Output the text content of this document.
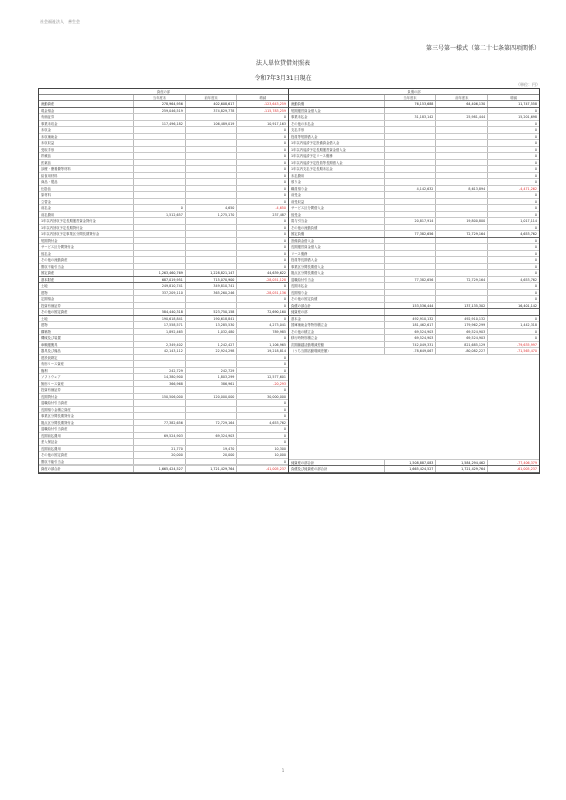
社会福祉法人　善生会
第三号第一様式（第二十七条第四項関係）
法人単位貸借対照表
令和7年3月31日現在
（単位：円）
資産の部
当年度末	前年度末	増減
流動資産	278,964,956	402,608,617	-123,643,259
現金預金	259,046,519	374,829,778	-115,783,259
有価証券	0
事業未収金	117,496,182	106,489,019	10,917,163
未収金	0
未収補助金	0
未収収益	0
受取手形	0
貯蔵品	0
医薬品	0
診療・療養費等材料	0
給食用材料	0
商品・製品	0
仕掛品	0
原材料	0
立替金	0
前払金	0	4,650	-4,650
前払費用	1,512,657	1,275,170	237,487
1年以内回収予定長期運営資金貸付金	0
1年以内回収予定長期貸付金	0
1年以内回収予定事業区分間長期貸付金	0
短期貸付金	0
サービス区分間貸付金	0
仮払金	0
その他の流動資産	0
徴収不能引当金	0
固定資産	1,263,460,769	1,228,821,147	44,639,622
基本財産	687,019,951	715,070,900	-28,051,128
土地	249,810,741	349,810,741	0
建物	337,209,110	365,260,246	-28,051,136
定期預金	0
投資有価証券	0
その他の固定資産	584,440,318	523,750,158	72,690,160
土地	190,618,841	190,618,841	0
建物	17,558,571	13,285,530	4,273,041
構築物	1,892,465	1,032,480	789,985
機械及び装置	0
車輌運搬具	2,349,402	1,242,427	1,106,965
器具及び備品	42,143,112	22,924,298	19,218,814
建設仮勘定	0
有形リース資産	0
権利	242,729	242,729	0
ソフトウェア	14,380,900	1,803,299	12,577,601
無形リース資産	366,968	386,961	-20,293
投資有価証券	0
長期貸付金	150,506,000	120,000,000	30,000,000
退職給付引当資産	0
長期預り金積立資産	0
事業区分間長期貸付金	0
拠点区分間長期貸付金	77,382,656	72,729,164	4,653,762
退職給付引当資産	0
長期前払費用	69,524,903	69,324,903	0
差入保証金	0
長期前払費用	21,770	19,470	10,300
その他の固定資産	20,000	20,000	10,000
徴収不能引当金	0
資産の部合計	1,665,424,527	1,721,429,764	-41,005,237
負債の部
当年度末	前年度末	増減
流動負債	76,153,688	64,406,130	11,747,558
短期運営資金借入金	0
事業未払金	31,183,142	25,981,444	15,201,698
その他の未払金	0
支払手形	0
役員等短期借入金	0
1年以内返済予定設備資金借入金	0
1年以内返済予定長期運営資金借入金	0
1年以内返済予定リース債務	0
1年以内返済予定役員等長期借入金	0
1年以内支払予定長期未払金	0
未払費用	0
預り金	0
職員預り金	4,142,632	8,613,894	-4,471,262
前受金	0
前受収益	0
サービス区分間借入金	0
仮受金	0
賞与引当金	20,817,914	19,800,800	1,017,114
その他の流動負債	0
固定負債	77,382,656	72,729,164	4,653,762
設備資金借入金	0
長期運営資金借入金	0
リース債務	0
役員等長期借入金	0
事業区分間長期借入金	0
拠点区分間長期借入金	0
退職給付引当金	77,382,656	72,729,164	4,653,762
長期未払金	0
長期預り金	0
その他の固定負債	0
負債の部合計	153,536,444	137,135,302	16,401,142
純資産の部
基本金	492,910,132	492,910,132	0
国庫補助金等特別積立金	181,462,617	179,962,299	1,442,318
その他の積立金	69,524,903	69,524,903	0
移行時特別積立金	69,524,903	69,524,903	0
次期繰越活動増減差額	742,049,331	821,685,129	-79,635,997
（うち当期活動増減差額）	-78,649,067	-80,082,227	-71,565,470
純資産の部合計	1,508,887,083	1,584,294,462	-77,406,379
負債及び純資産の部合計	1,665,424,527	1,721,429,764	-61,005,237
1
